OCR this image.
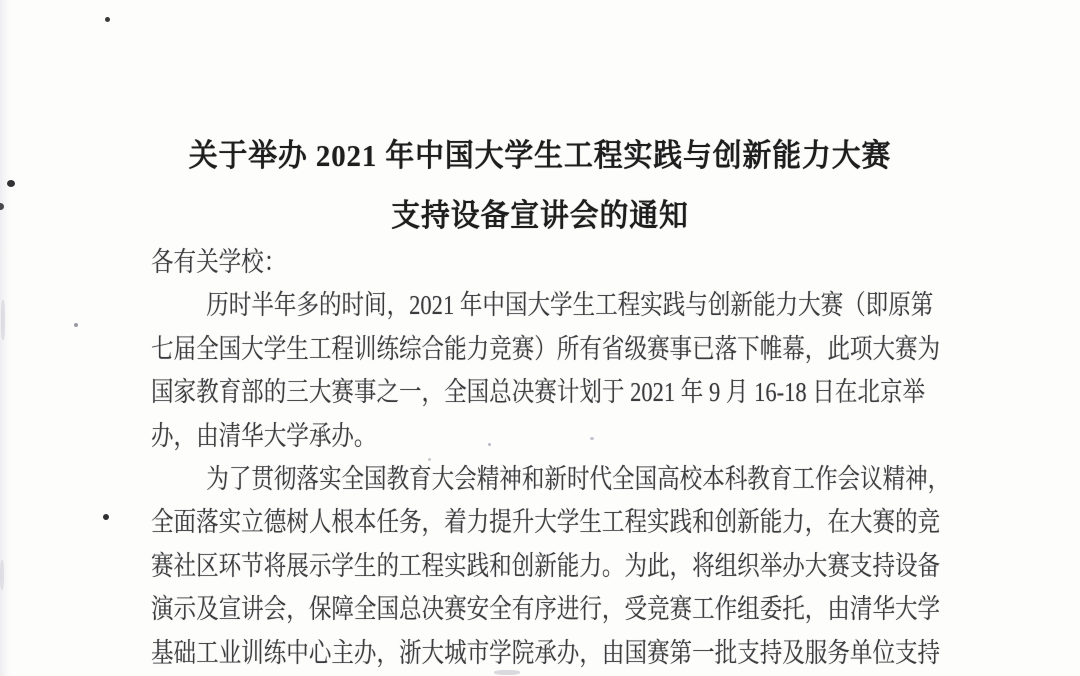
关于举办 2021 年中国大学生工程实践与创新能力大赛
支持设备宣讲会的通知
各有关学校：
历时半年多的时间，2021 年中国大学生工程实践与创新能力大赛（即原第
七届全国大学生工程训练综合能力竞赛）所有省级赛事已落下帷幕，此项大赛为
国家教育部的三大赛事之一，全国总决赛计划于 2021 年 9 月 16-18 日在北京举
办，由清华大学承办。
为了贯彻落实全国教育大会精神和新时代全国高校本科教育工作会议精神，
全面落实立德树人根本任务，着力提升大学生工程实践和创新能力，在大赛的竞
赛社区环节将展示学生的工程实践和创新能力。为此，将组织举办大赛支持设备
演示及宣讲会，保障全国总决赛安全有序进行，受竞赛工作组委托，由清华大学
基础工业训练中心主办，浙大城市学院承办，由国赛第一批支持及服务单位支持
